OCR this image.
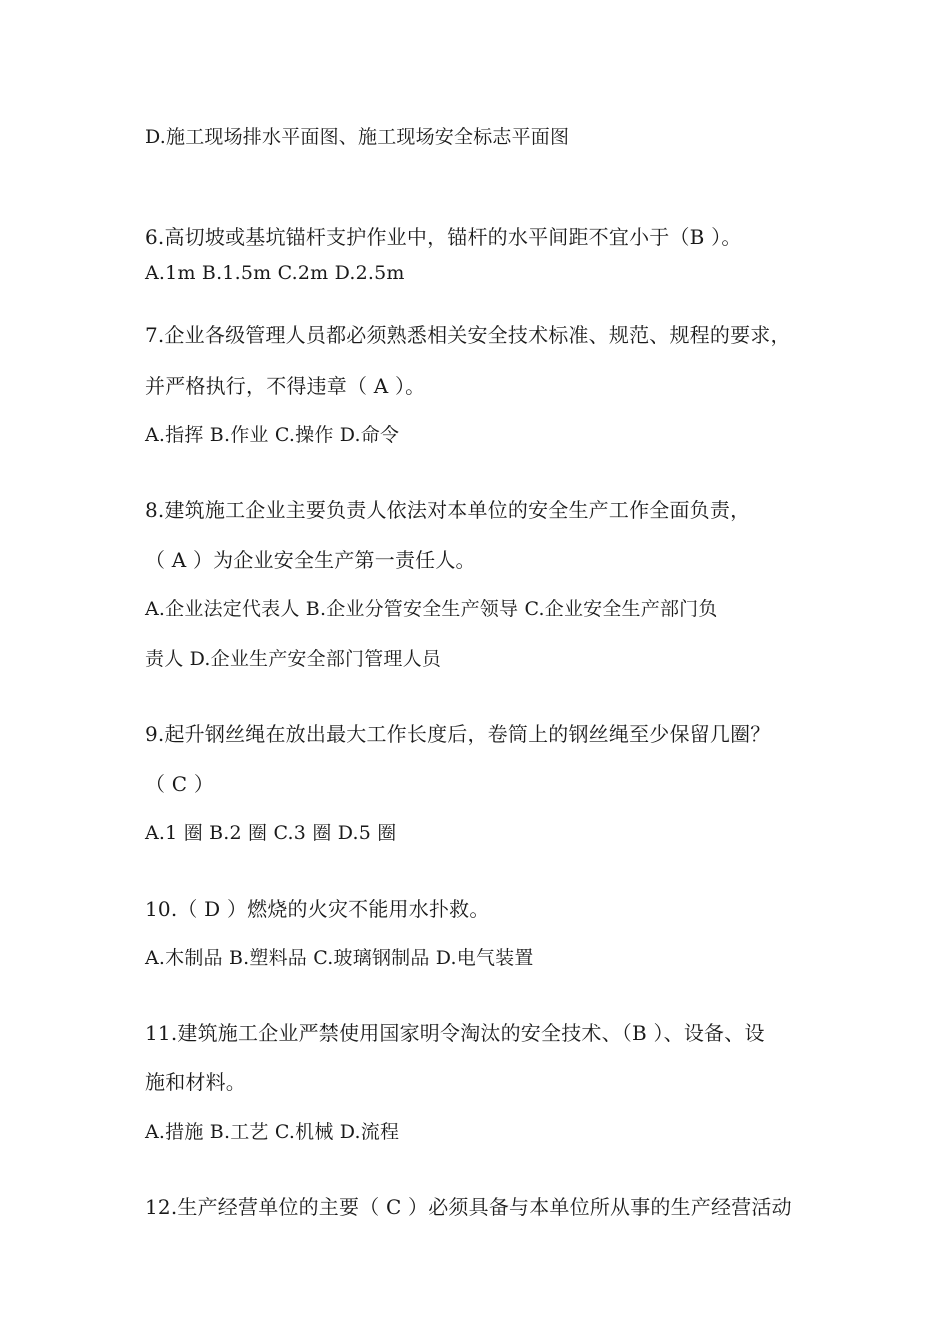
D.施工现场排水平面图、施工现场安全标志平面图
6.高切坡或基坑锚杆支护作业中，锚杆的水平间距不宜小于（B ）。
A.1m B.1.5m C.2m D.2.5m
7.企业各级管理人员都必须熟悉相关安全技术标准、规范、规程的要求，
并严格执行，不得违章（ A ）。
A.指挥 B.作业 C.操作 D.命令
8.建筑施工企业主要负责人依法对本单位的安全生产工作全面负责，
（ A ）为企业安全生产第一责任人。
A.企业法定代表人 B.企业分管安全生产领导 C.企业安全生产部门负
责人 D.企业生产安全部门管理人员
9.起升钢丝绳在放出最大工作长度后，卷筒上的钢丝绳至少保留几圈？
（ C ）
A.1 圈 B.2 圈 C.3 圈 D.5 圈
10.（ D ）燃烧的火灾不能用水扑救。
A.木制品 B.塑料品 C.玻璃钢制品 D.电气装置
11.建筑施工企业严禁使用国家明令淘汰的安全技术、（B ）、设备、设
施和材料。
A.措施 B.工艺 C.机械 D.流程
12.生产经营单位的主要（ C ）必须具备与本单位所从事的生产经营活动
